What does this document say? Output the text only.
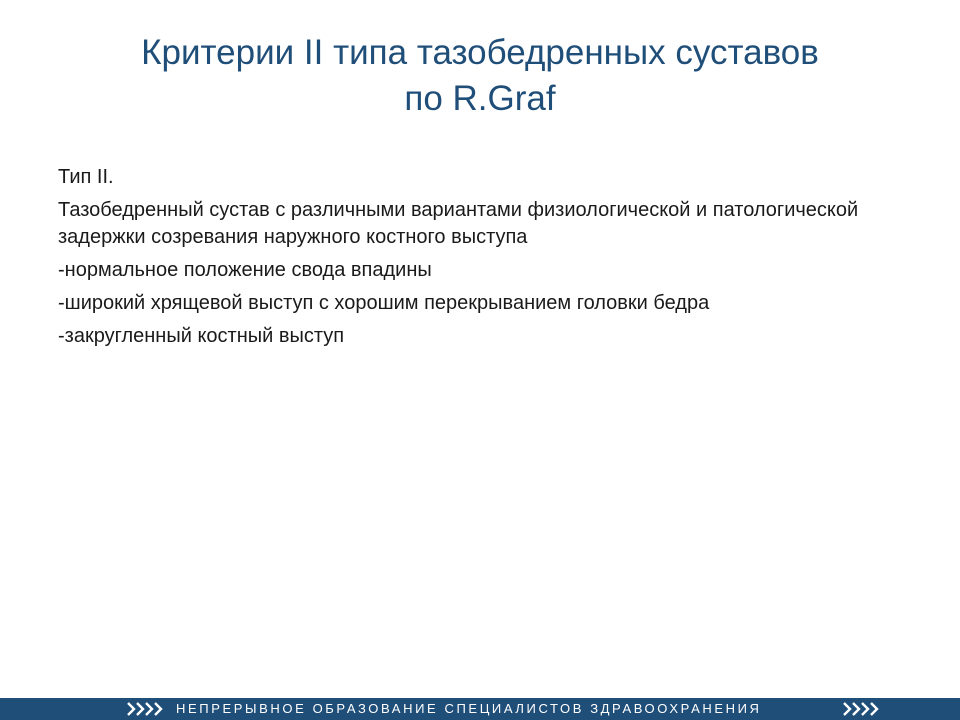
Критерии II типа тазобедренных суставов
по R.Graf

Тип II.

Тазобедренный сустав с различными вариантами физиологической и патологической задержки созревания наружного костного выступа

-нормальное положение свода впадины

-широкий хрящевой выступ с хорошим перекрыванием головки бедра

-закругленный костный выступ

НЕПРЕРЫВНОЕ ОБРАЗОВАНИЕ СПЕЦИАЛИСТОВ ЗДРАВООХРАНЕНИЯ
